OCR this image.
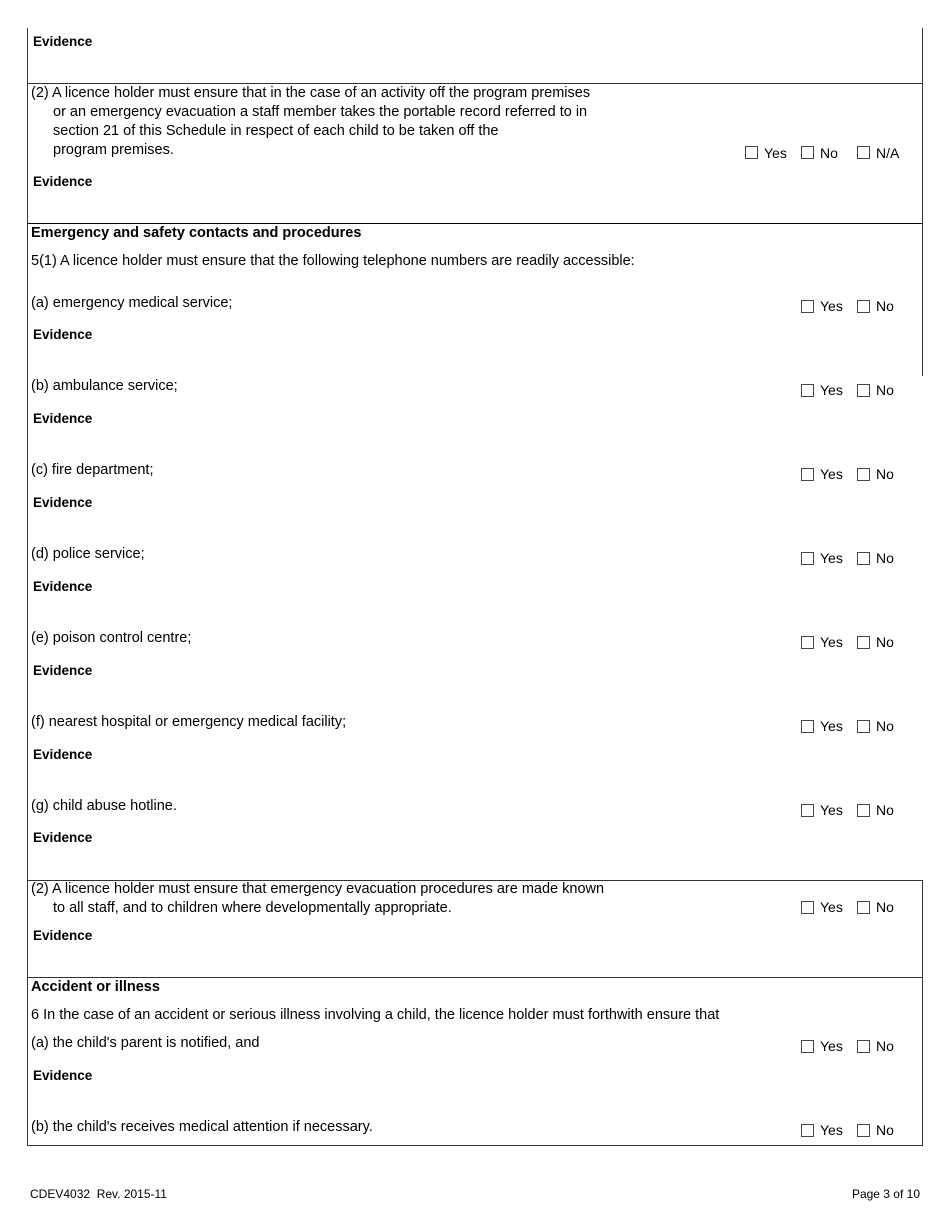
Evidence
(2) A licence holder must ensure that in the case of an activity off the program premises
or an emergency evacuation a staff member takes the portable record referred to in
section 21 of this Schedule in respect of each child to be taken off the
program premises.	Yes No	N/A
Evidence
Emergency and safety contacts and procedures
5(1) A licence holder must ensure that the following telephone numbers are readily accessible:
(a) emergency medical service;	Yes No
Evidence
(b) ambulance service;	Yes No
Evidence
(c) fire department;	Yes No
Evidence
(d) police service;	Yes No
Evidence
(e) poison control centre;	Yes No
Evidence
(f) nearest hospital or emergency medical facility;	Yes No
Evidence
(g) child abuse hotline.	Yes No
Evidence
(2) A licence holder must ensure that emergency evacuation procedures are made known
to all staff, and to children where developmentally appropriate.	Yes No
Evidence
Accident or illness
6 In the case of an accident or serious illness involving a child, the licence holder must forthwith ensure that
(a) the child's parent is notified, and	Yes No
Evidence
(b) the child's receives medical attention if necessary.	Yes No
CDEV4032  Rev. 2015-11	Page 3 of 10
